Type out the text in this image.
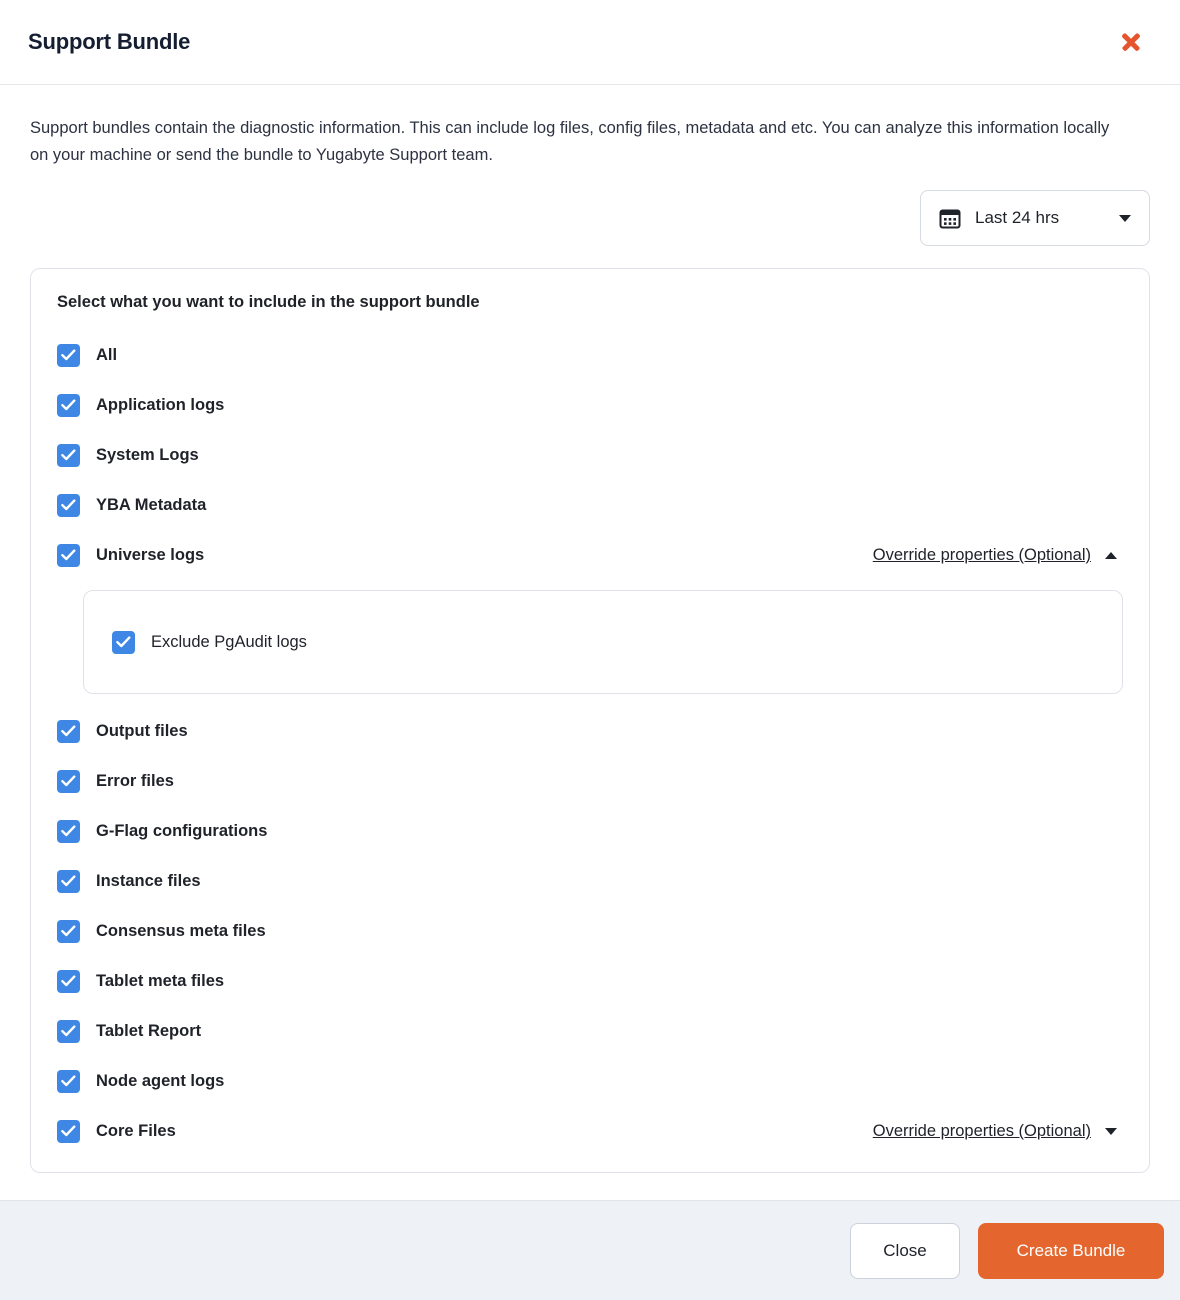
Support Bundle

Support bundles contain the diagnostic information. This can include log files, config files, metadata and etc. You can analyze this information locally on your machine or send the bundle to Yugabyte Support team.

Last 24 hrs
Select what you want to include in the support bundle
All
Application logs
System Logs
YBA Metadata
Universe logs	Override properties (Optional)
Exclude PgAudit logs
Output files
Error files
G-Flag configurations
Instance files
Consensus meta files
Tablet meta files
Tablet Report
Node agent logs
Core Files	Override properties (Optional)
Close	Create Bundle
